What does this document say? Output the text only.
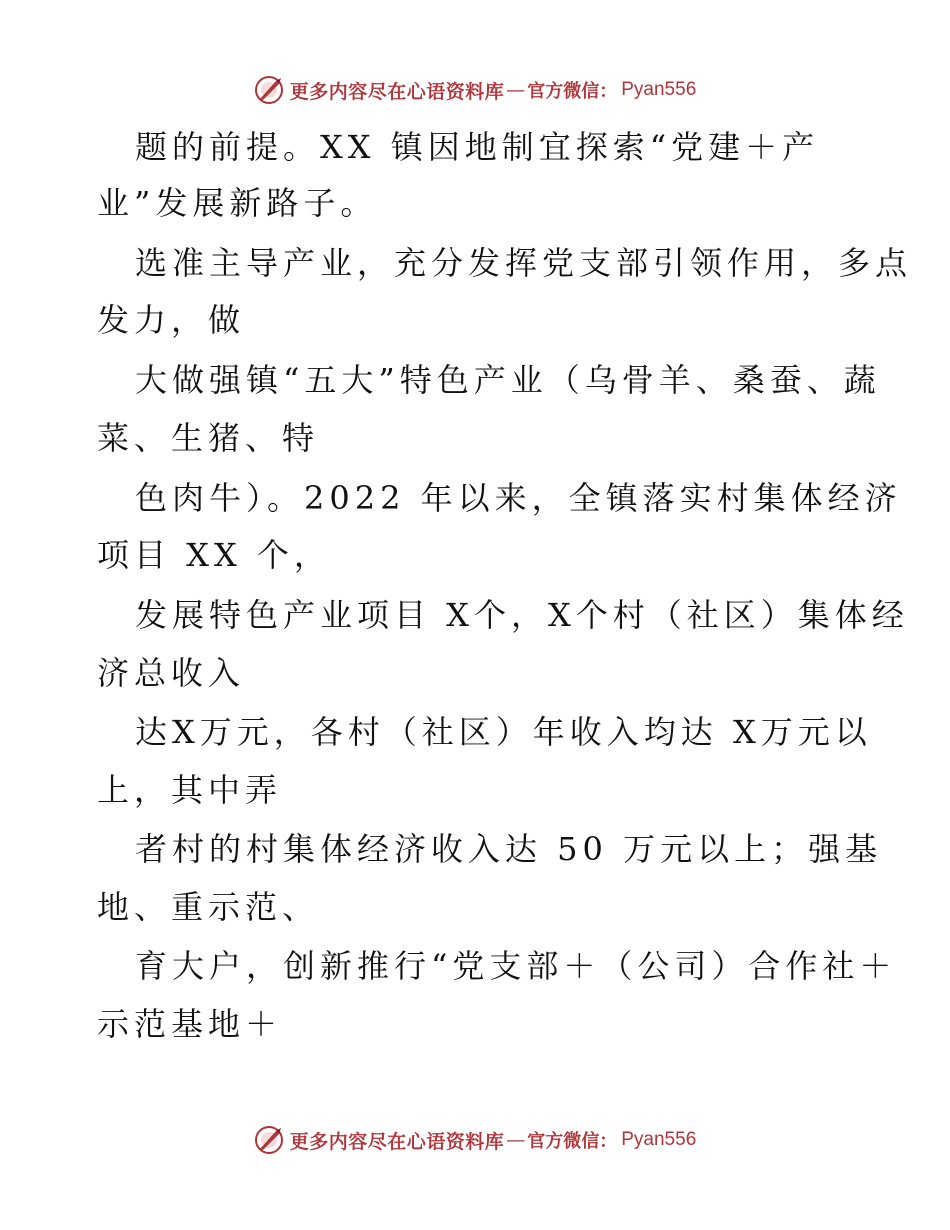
更多内容尽在心语资料库 — 官方微信： Pyan556
题的前提。XX 镇因地制宜探索“党建＋产
业”发展新路子。
选准主导产业，充分发挥党支部引领作用，多点
发力，做
大做强镇“五大”特色产业（乌骨羊、桑蚕、蔬
菜、生猪、特
色肉牛）。2022 年以来，全镇落实村集体经济
项目 XX 个，
发展特色产业项目 X个，X个村（社区）集体经
济总收入
达X万元，各村（社区）年收入均达 X万元以
上，其中弄
者村的村集体经济收入达 50 万元以上；强基
地、重示范、
育大户，创新推行“党支部＋（公司）合作社＋
示范基地＋
更多内容尽在心语资料库 — 官方微信： Pyan556
